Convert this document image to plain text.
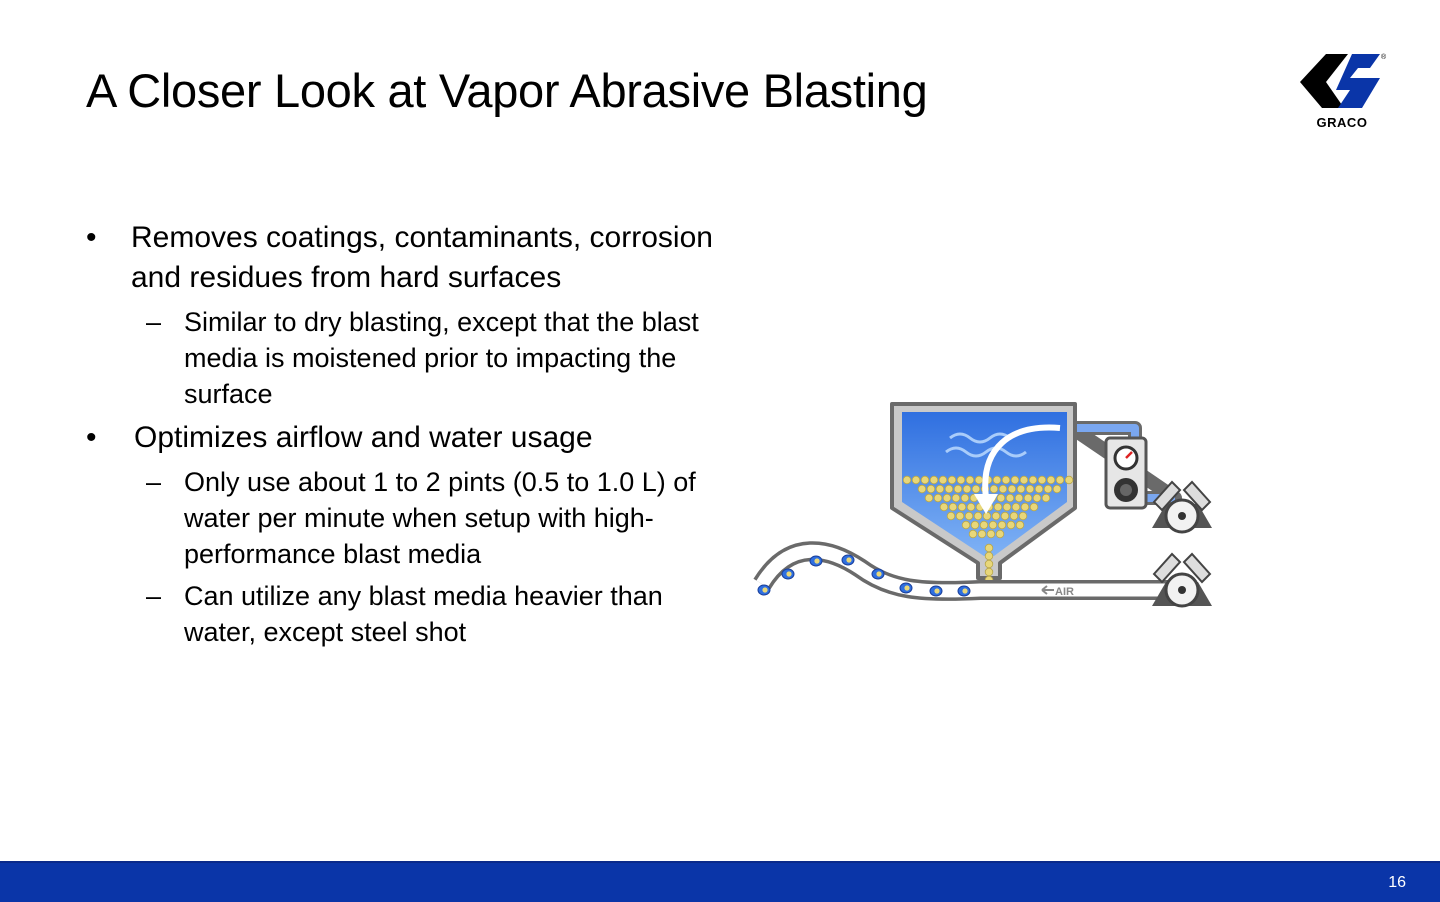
A Closer Look at Vapor Abrasive Blasting
®
GRACO
• Removes coatings, contaminants, corrosion and residues from hard surfaces
– Similar to dry blasting, except that the blast media is moistened prior to impacting the surface
• Optimizes airflow and water usage
– Only use about 1 to 2 pints (0.5 to 1.0 L) of water per minute when setup with high-performance blast media
– Can utilize any blast media heavier than water, except steel shot
AIR
16
